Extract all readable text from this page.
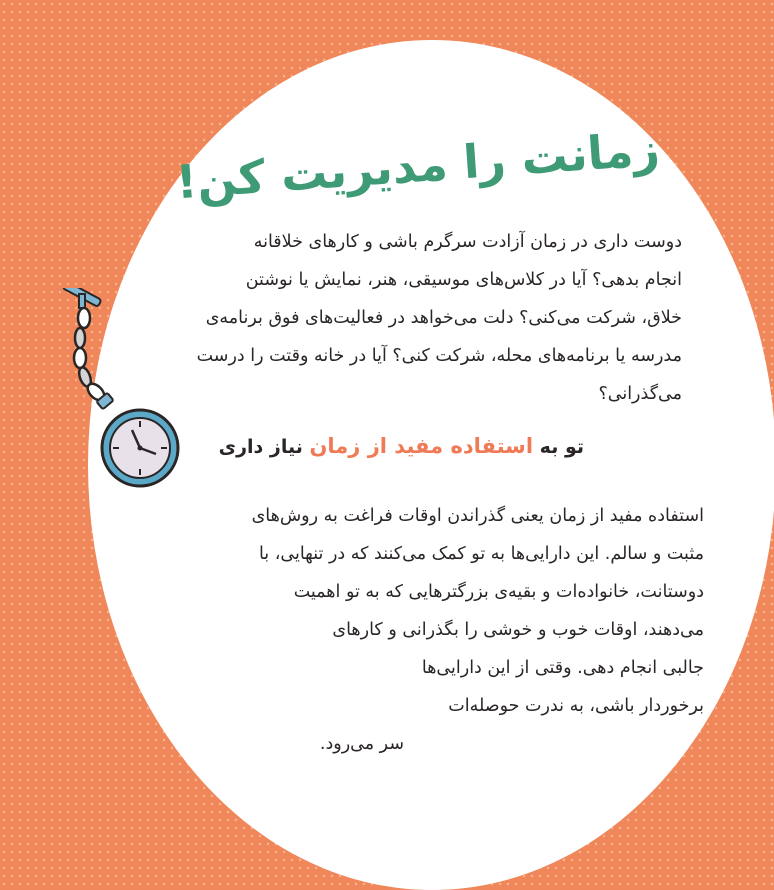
زمانت را مدیریت کن!
دوست داری در زمان آزادت سرگرم باشی و کارهای خلاقانه
انجام بدهی؟ آیا در کلاس‌های موسیقی، هنر، نمایش یا نوشتن
خلاق، شرکت می‌کنی؟ دلت می‌خواهد در فعالیت‌های فوق برنامه‌ی
مدرسه یا برنامه‌های محله، شرکت کنی؟ آیا در خانه وقتت را درست
می‌گذرانی؟
تو به استفاده مفید از زمان نیاز داری
استفاده مفید از زمان یعنی گذراندن اوقات فراغت به روش‌های
مثبت و سالم. این دارایی‌ها به تو کمک می‌کنند که در تنهایی، با
دوستانت، خانواده‌ات و بقیه‌ی بزرگترهایی که به تو اهمیت
می‌دهند، اوقات خوب و خوشی را بگذرانی و کارهای
جالبی انجام دهی. وقتی از این دارایی‌ها
برخوردار باشی، به ندرت حوصله‌ات
سر می‌رود.
